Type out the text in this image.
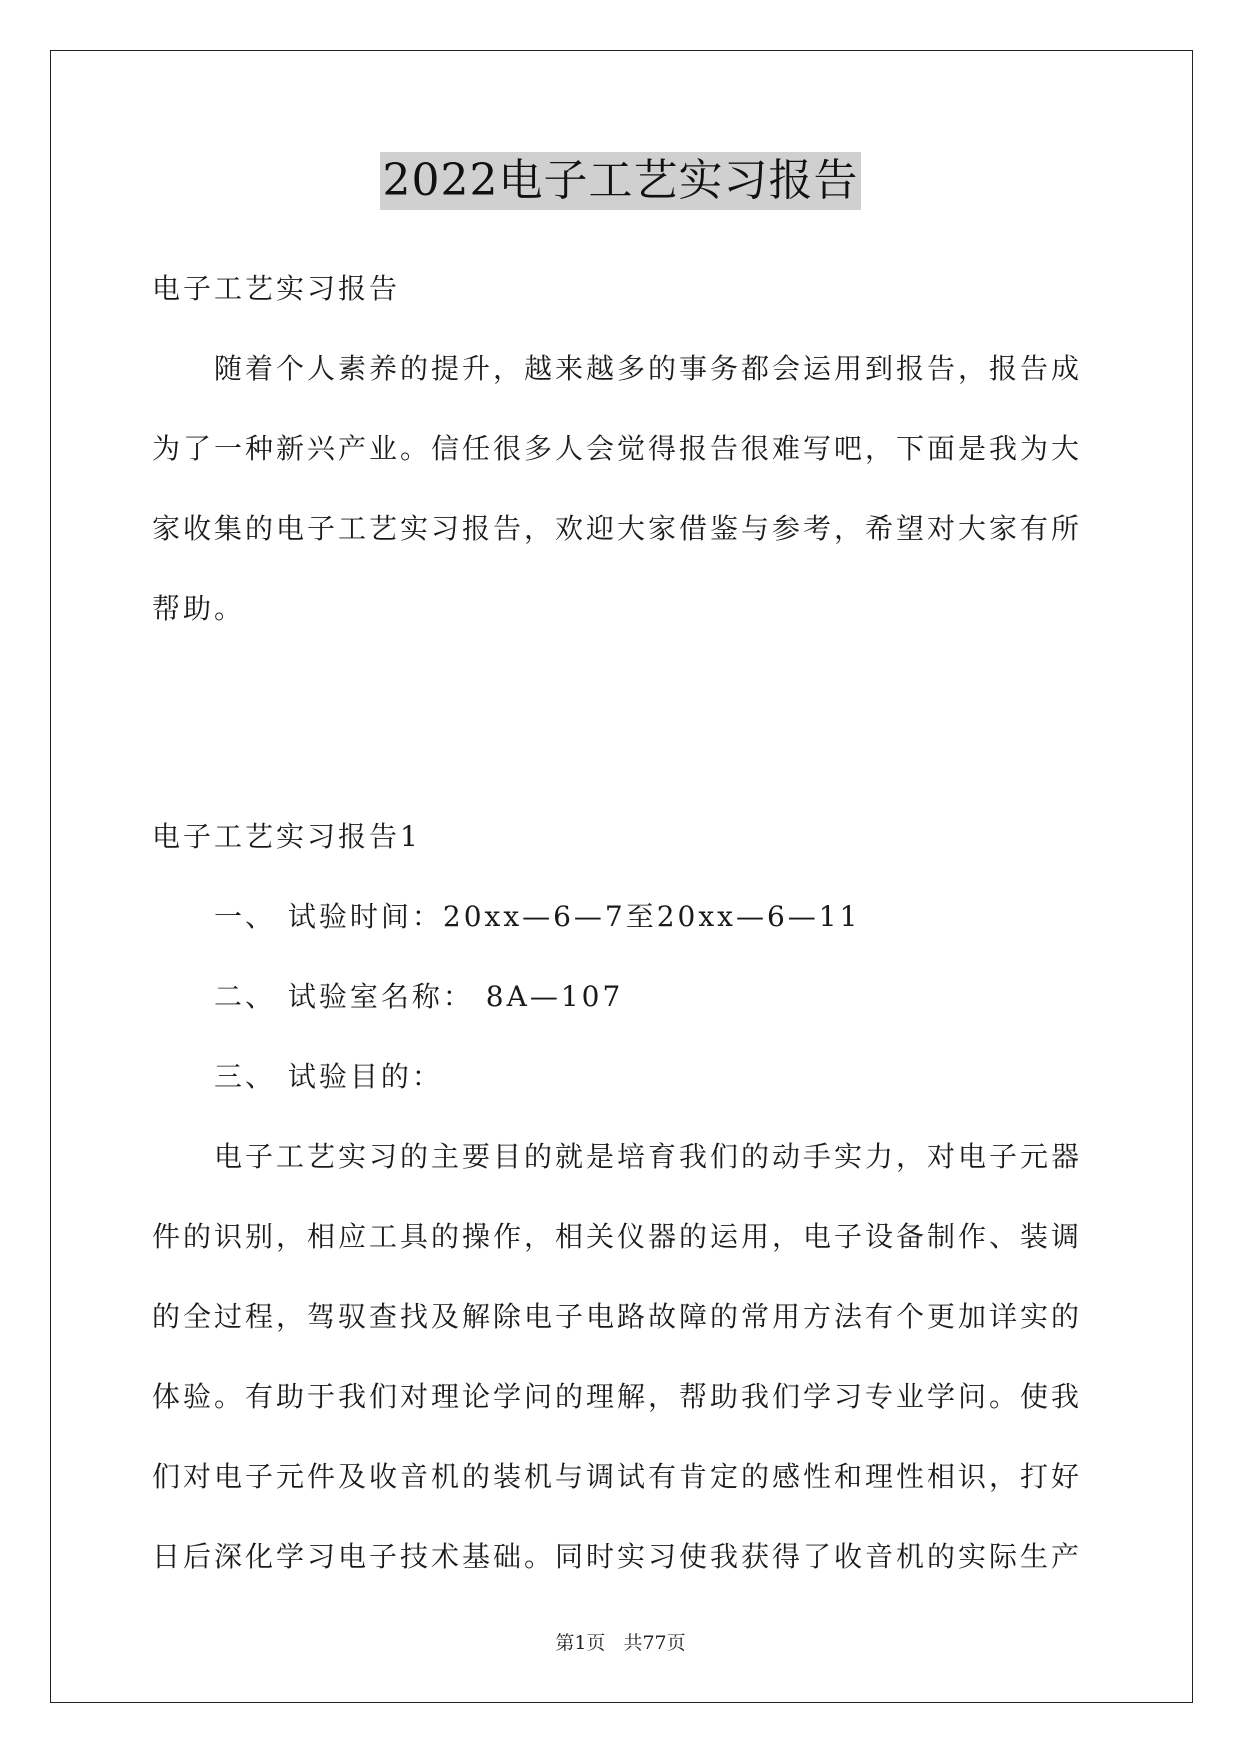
2022电子工艺实习报告
电子工艺实习报告
随着个人素养的提升，越来越多的事务都会运用到报告，报告成
为了一种新兴产业。信任很多人会觉得报告很难写吧，下面是我为大
家收集的电子工艺实习报告，欢迎大家借鉴与参考，希望对大家有所
帮助。
电子工艺实习报告1
一、 试验时间：20xx—6—7至20xx—6—11
二、 试验室名称： 8A—107
三、 试验目的：
电子工艺实习的主要目的就是培育我们的动手实力，对电子元器
件的识别，相应工具的操作，相关仪器的运用，电子设备制作、装调
的全过程，驾驭查找及解除电子电路故障的常用方法有个更加详实的
体验。有助于我们对理论学问的理解，帮助我们学习专业学问。使我
们对电子元件及收音机的装机与调试有肯定的感性和理性相识，打好
日后深化学习电子技术基础。同时实习使我获得了收音机的实际生产
第1页 共77页
